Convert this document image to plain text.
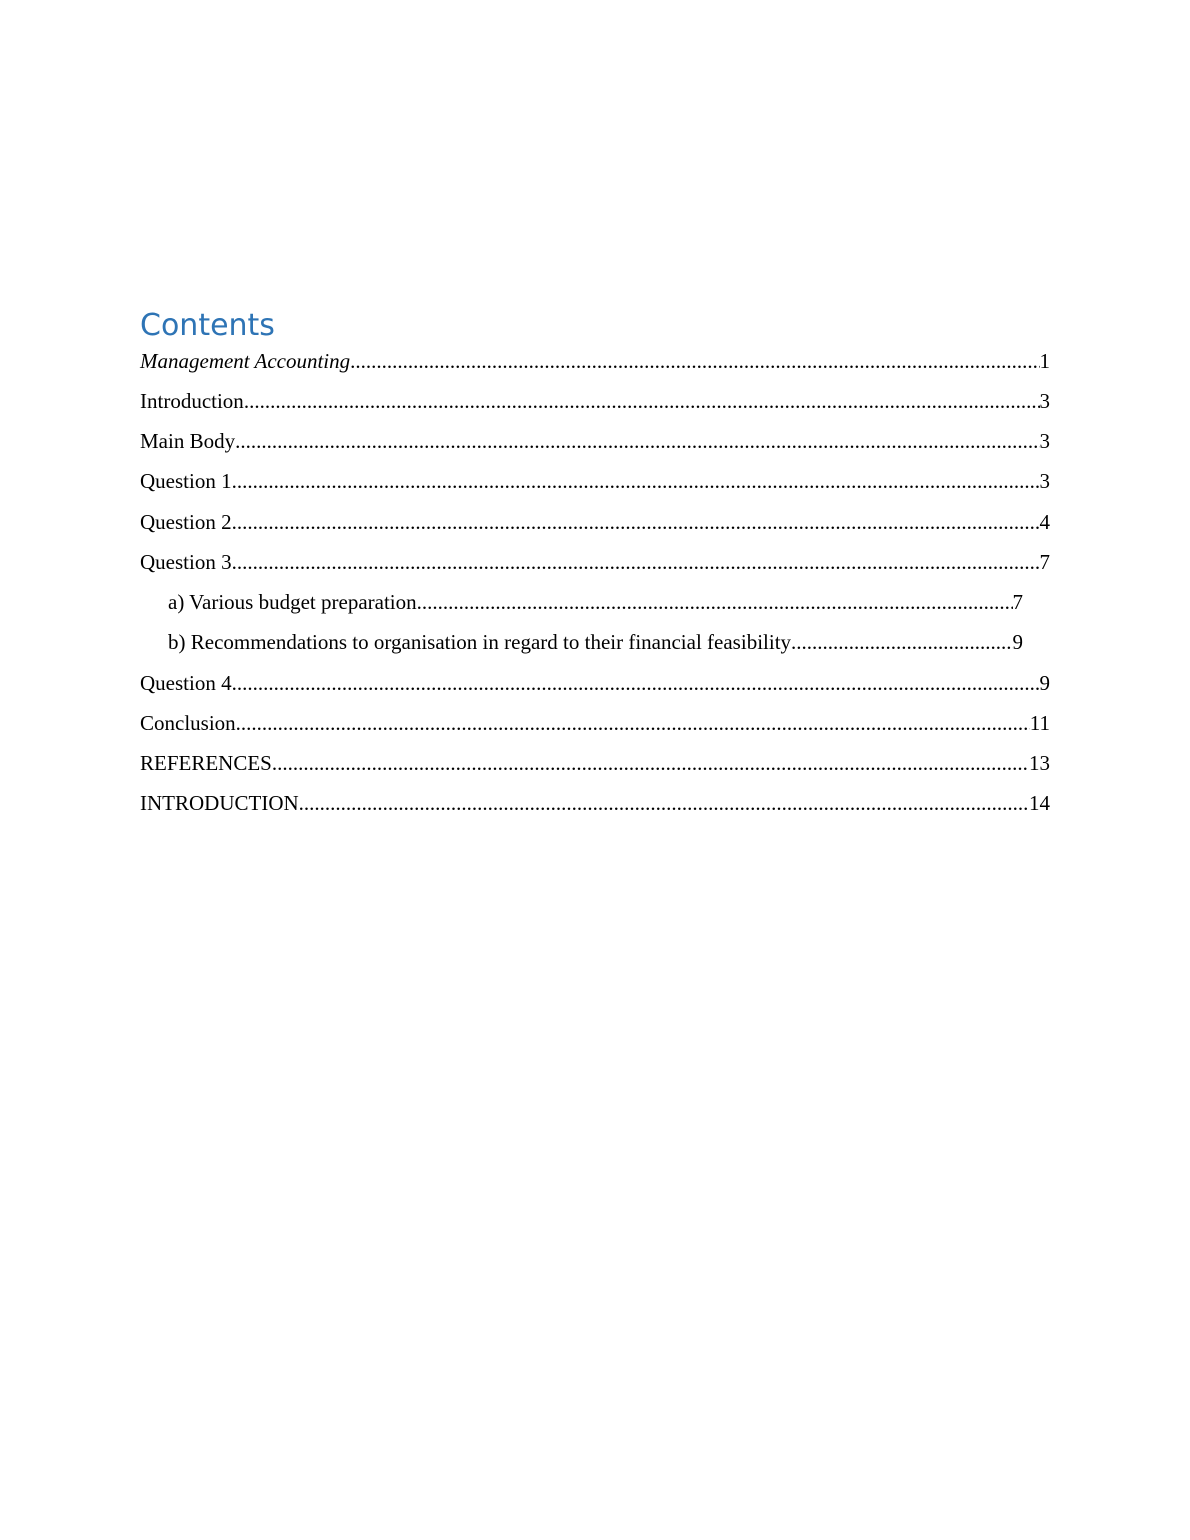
Contents
Management Accounting .....	1
Introduction .....	3
Main Body .....	3
Question 1 .....	3
Question 2 .....	4
Question 3 .....	7
a) Various budget preparation .....	7
b) Recommendations to organisation in regard to their financial feasibility .....	9
Question 4 .....	9
Conclusion .....	11
REFERENCES .....	13
INTRODUCTION .....	14
